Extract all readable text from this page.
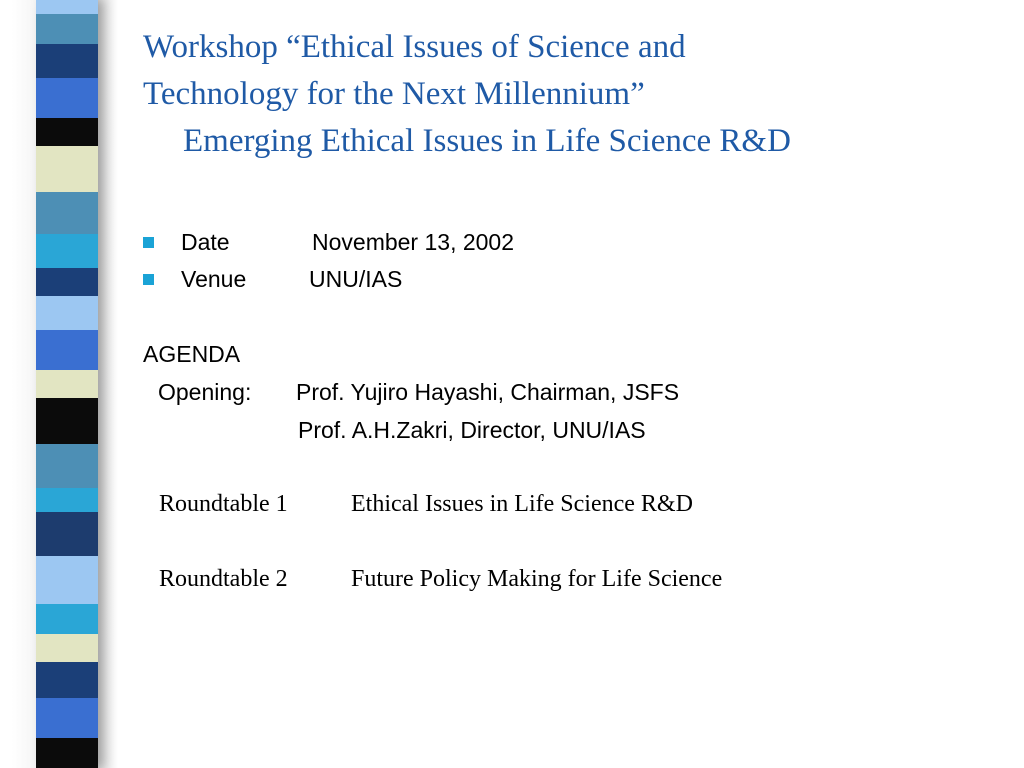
Workshop “Ethical Issues of Science and
Technology for the Next Millennium”
Emerging Ethical Issues in Life Science R&D
Date	November 13, 2002
Venue	UNU/IAS
AGENDA
Opening: Prof. Yujiro Hayashi, Chairman, JSFS
Prof. A.H.Zakri, Director, UNU/IAS
Roundtable 1	Ethical Issues in Life Science R&D
Roundtable 2	Future Policy Making for Life Science
